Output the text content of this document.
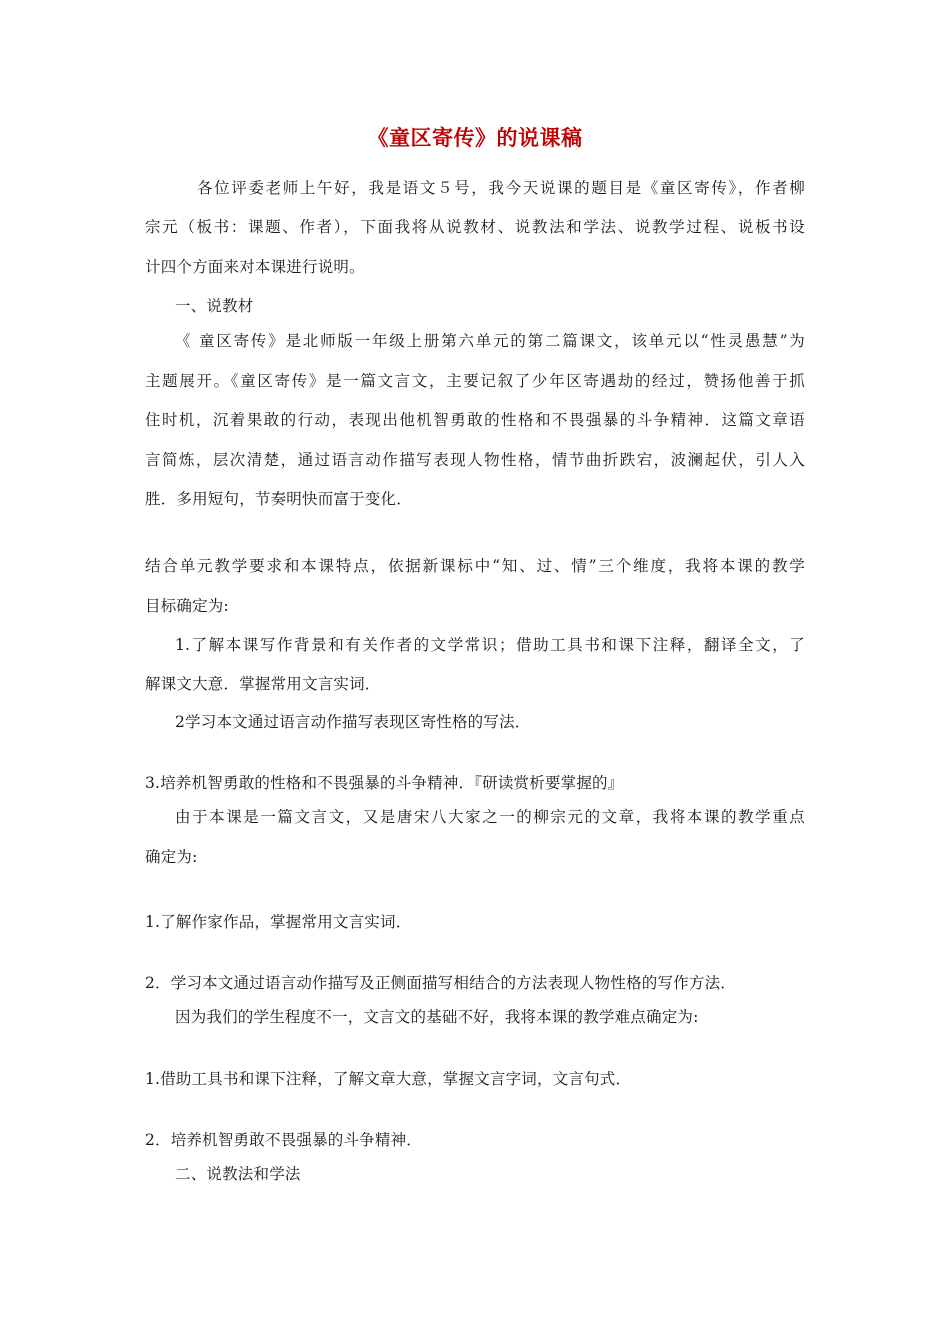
《童区寄传》的说课稿
各位评委老师上午好，我是语文５号，我今天说课的题目是《童区寄传》，作者柳
宗元（板书：课题、作者），下面我将从说教材、说教法和学法、说教学过程、说板书设
计四个方面来对本课进行说明。
一、说教材
《 童区寄传》是北师版一年级上册第六单元的第二篇课文，该单元以“性灵愚慧”为
主题展开。《童区寄传》是一篇文言文，主要记叙了少年区寄遇劫的经过，赞扬他善于抓
住时机，沉着果敢的行动，表现出他机智勇敢的性格和不畏强暴的斗争精神．这篇文章语
言简炼，层次清楚，通过语言动作描写表现人物性格，情节曲折跌宕，波澜起伏，引人入
胜．多用短句，节奏明快而富于变化．
结合单元教学要求和本课特点，依据新课标中“知、过、情”三个维度，我将本课的教学
目标确定为:
1.了解本课写作背景和有关作者的文学常识；借助工具书和课下注释，翻译全文，了
解课文大意．掌握常用文言实词．
2学习本文通过语言动作描写表现区寄性格的写法．
3.培养机智勇敢的性格和不畏强暴的斗争精神．『研读赏析要掌握的』
由于本课是一篇文言文，又是唐宋八大家之一的柳宗元的文章，我将本课的教学重点
确定为:
1.了解作家作品，掌握常用文言实词．
2．学习本文通过语言动作描写及正侧面描写相结合的方法表现人物性格的写作方法．
因为我们的学生程度不一，文言文的基础不好，我将本课的教学难点确定为:
1.借助工具书和课下注释，了解文章大意，掌握文言字词，文言句式．
2．培养机智勇敢不畏强暴的斗争精神．
二、说教法和学法
